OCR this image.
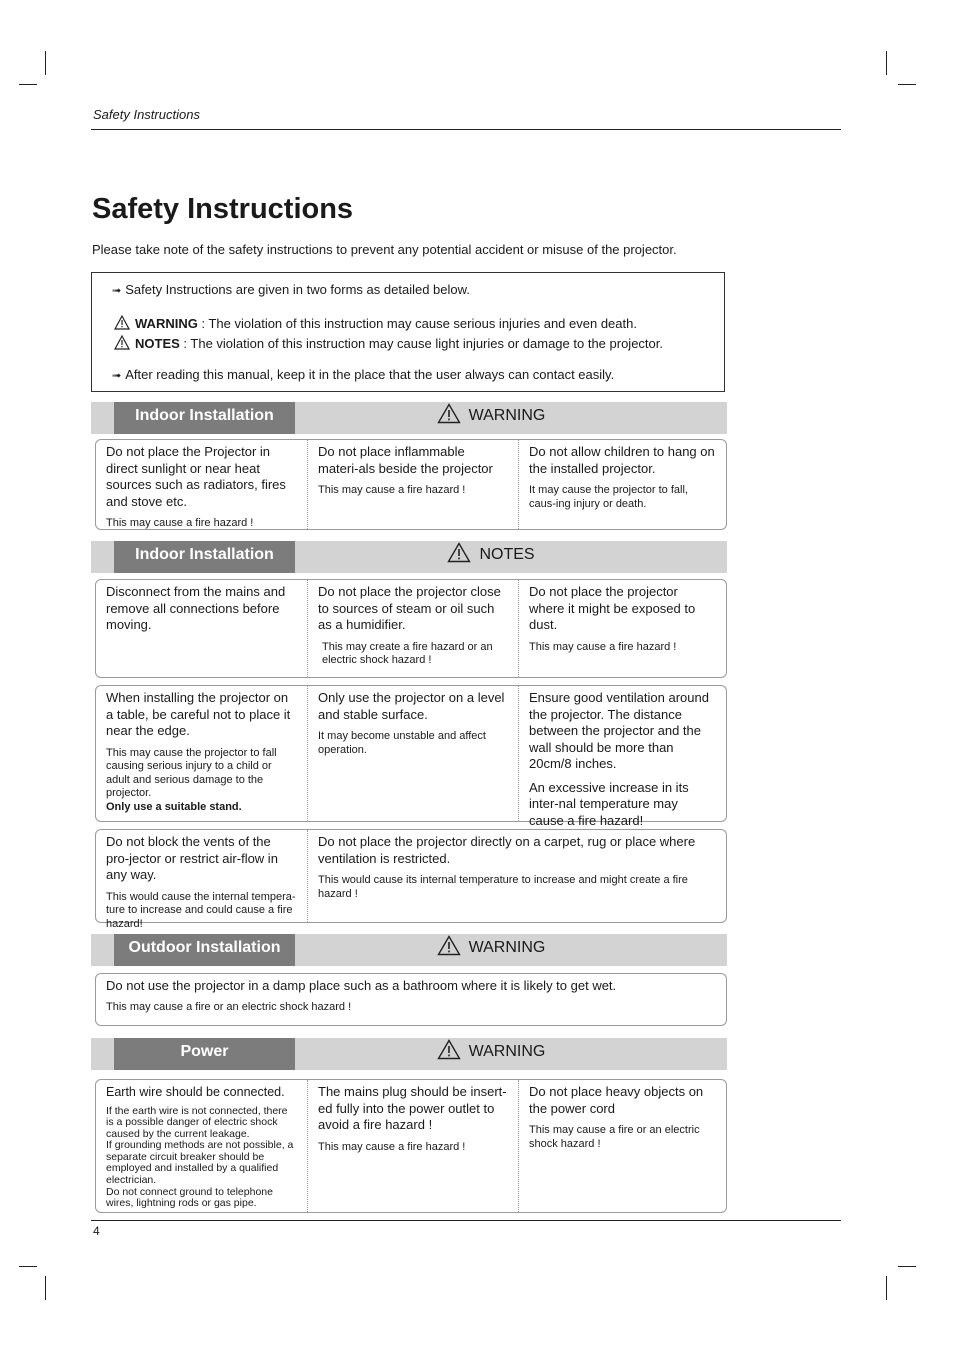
Safety Instructions
Safety Instructions
Please take note of the safety instructions to prevent any potential accident or misuse of the projector.
➟ Safety Instructions are given in two forms as detailed below.
WARNING : The violation of this instruction may cause serious injuries and even death.
NOTES : The violation of this instruction may cause light injuries or damage to the projector.
➟ After reading this manual, keep it in the place that the user always can contact easily.
Indoor Installation	WARNING

Do not place the Projector in direct sunlight or near heat sources such as radiators, fires and stove etc.

This may cause a fire hazard !

Do not place inflammable materi-als beside the projector

This may cause a fire hazard !

Do not allow children to hang on the installed projector.

It may cause the projector to fall, caus-ing injury or death.

Indoor Installation	NOTES

Disconnect from the mains and remove all connections before moving.

Do not place the projector close to sources of steam or oil such as a humidifier.

This may create a fire hazard or an electric shock hazard !

Do not place the projector where it might be exposed to dust.

This may cause a fire hazard !

When installing the projector on a table, be careful not to place it near the edge.

This may cause the projector to fall causing serious injury to a child or adult and serious damage to the projector.

Only use a suitable stand.

Only use the projector on a level and stable surface.

It may become unstable and affect operation.

Ensure good ventilation around the projector. The distance between the projector and the wall should be more than 20cm/8 inches.

An excessive increase in its inter-nal temperature may cause a fire hazard!

Do not block the vents of the pro-jector or restrict air-flow in any way.

This would cause the internal tempera-ture to increase and could cause a fire hazard!

Do not place the projector directly on a carpet, rug or place where ventilation is restricted.

This would cause its internal temperature to increase and might create a fire hazard !

Outdoor Installation	WARNING

Do not use the projector in a damp place such as a bathroom where it is likely to get wet.

This may cause a fire or an electric shock hazard !

Power	WARNING

Earth wire should be connected.

If the earth wire is not connected, there is a possible danger of electric shock caused by the current leakage.

If grounding methods are not possible, a separate circuit breaker should be employed and installed by a qualified electrician.

Do not connect ground to telephone wires, lightning rods or gas pipe.

The mains plug should be insert-ed fully into the power outlet to avoid a fire hazard !

This may cause a fire hazard !

Do not place heavy objects on the power cord

This may cause a fire or an electric shock hazard !

4
